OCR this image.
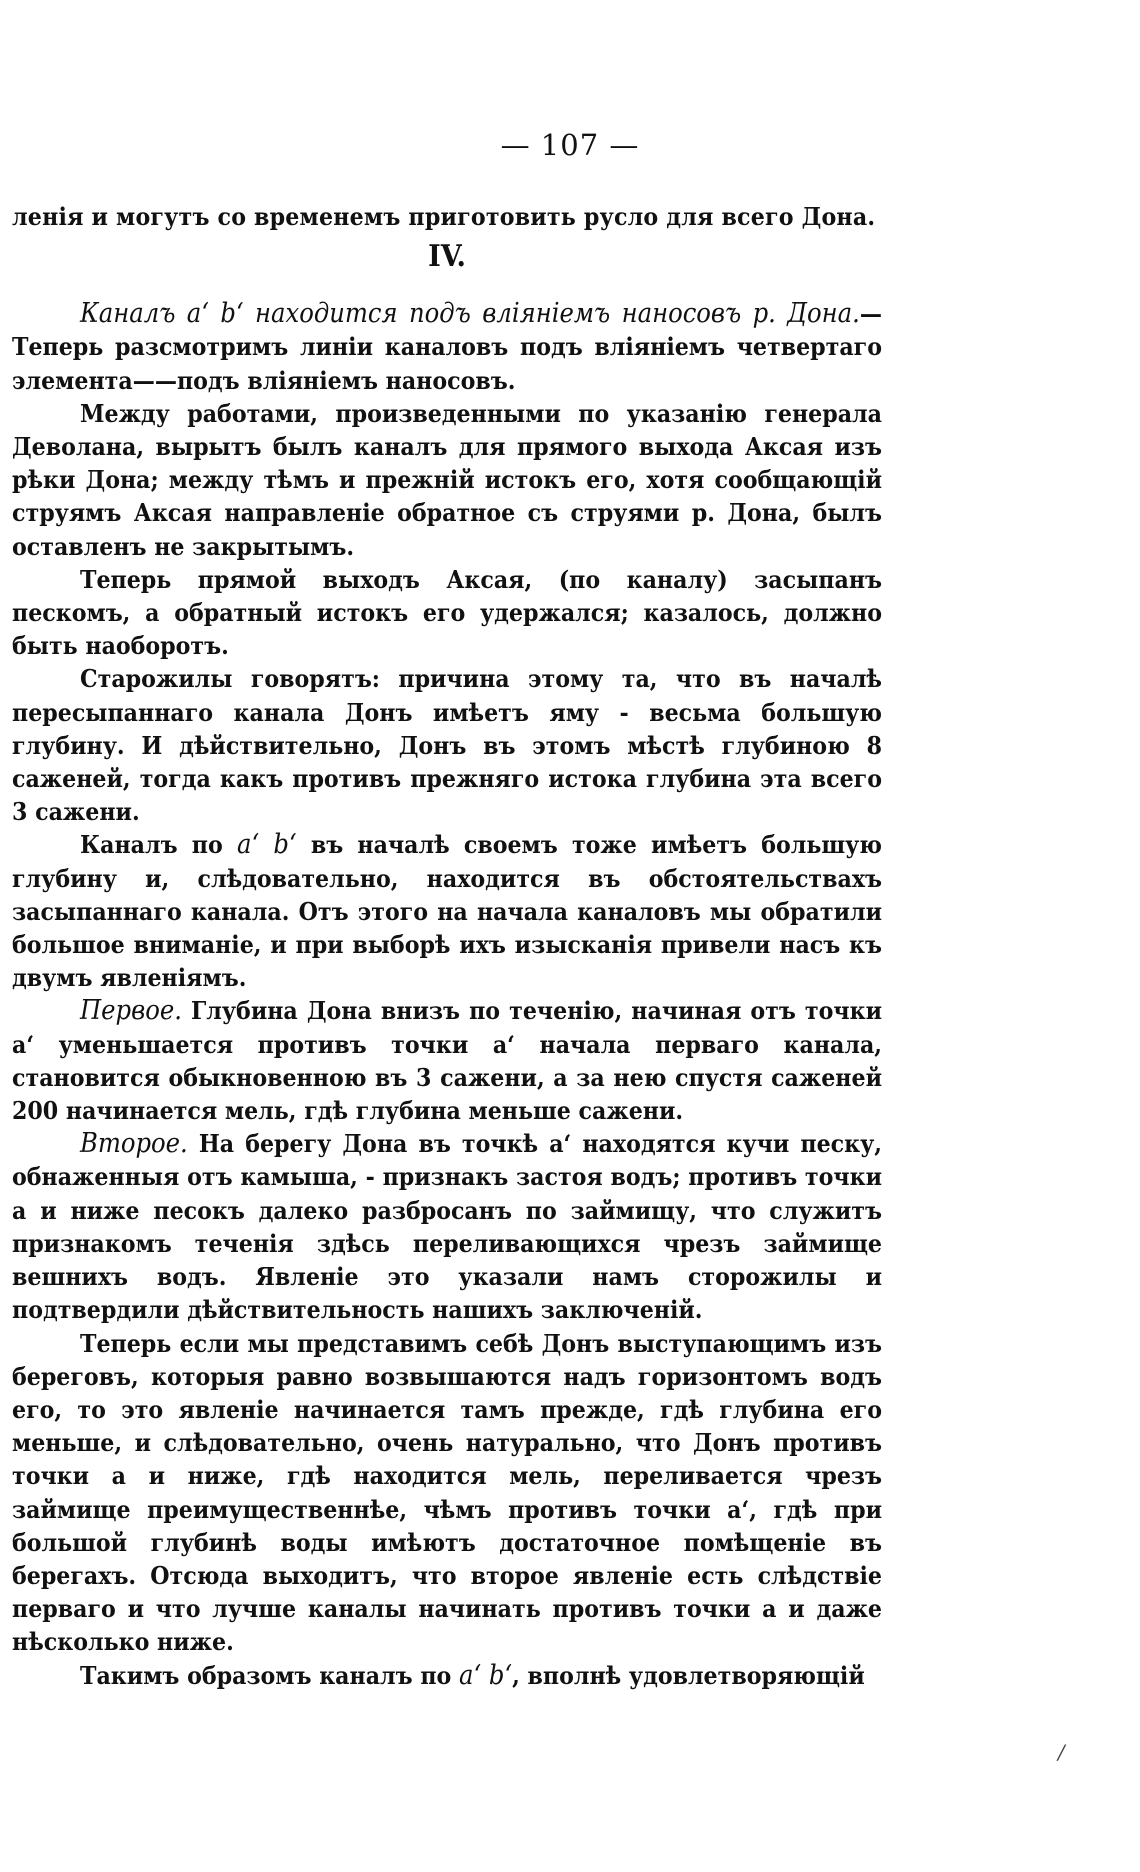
— 107 —

лeнiя и могутъ со временемъ приготовить русло для всего Дона.

IV.

Каналъ a‘ b‘ находится подъ влiянiемъ наносовъ р. Дона.— Теперь разсмотримъ линiи каналовъ подъ влiянiемъ четвертаго элемента——подъ влiянiемъ наносовъ.

Между работами, произведенными по указанiю генерала Деволана, вырытъ былъ каналъ для прямого выхода Аксая изъ рѣки Дона; между тѣмъ и прежнiй истокъ его, хотя сообщающiй струямъ Аксая направленiе обратное съ струями р. Дона, былъ оставленъ не закрытымъ.

Теперь прямой выходъ Аксая, (по каналу) засыпанъ пескомъ, а обратный истокъ его удержался; казалось, должно быть наоборотъ.

Старожилы говорятъ: причина этому та, что въ началѣ пересыпаннаго канала Донъ имѣетъ яму - весьма большую глубину. И дѣйствительно, Донъ въ этомъ мѣстѣ глубиною 8 саженей, тогда какъ противъ прежняго истока глубина эта всего 3 сажени.

Каналъ по a‘ b‘ въ началѣ своемъ тоже имѣетъ большую глубину и, слѣдовательно, находится въ обстоятельствахъ засыпаннаго канала. Отъ этого на начала каналовъ мы обратили большое вниманiе, и при выборѣ ихъ изысканiя привели насъ къ двумъ явленiямъ.

Первое. Глубина Дона внизъ по теченiю, начиная отъ точки a‘ уменьшается противъ точки a‘ начала перваго канала, становится обыкновенною въ 3 сажени, а за нею спустя саженей 200 начинается мель, гдѣ глубина меньше сажени.

Второе. На берегу Дона въ точкѣ a‘ находятся кучи песку, обнаженныя отъ камыша, - признакъ застоя водъ; противъ точки a и ниже песокъ далеко разбросанъ по займищу, что служитъ признакомъ теченiя здѣсь переливающихся чрезъ займище вешнихъ водъ. Явленiе это указали намъ сторожилы и подтвердили дѣйствительность нашихъ заключенiй.

Теперь если мы представимъ себѣ Донъ выступающимъ изъ береговъ, которыя равно возвышаются надъ горизонтомъ водъ его, то это явленiе начинается тамъ прежде, гдѣ глубина его меньше, и слѣдовательно, очень натурально, что Донъ противъ точки a и ниже, гдѣ находится мель, переливается чрезъ займище преимущественнѣе, чѣмъ противъ точки a‘, гдѣ при большой глубинѣ воды имѣютъ достаточное помѣщенiе въ берегахъ. Отсюда выходитъ, что второе явленiе есть слѣдствiе перваго и что лучше каналы начинать противъ точки a и даже нѣсколько ниже.

Такимъ образомъ каналъ по a‘ b‘, вполнѣ удовлетворяющiй

/
